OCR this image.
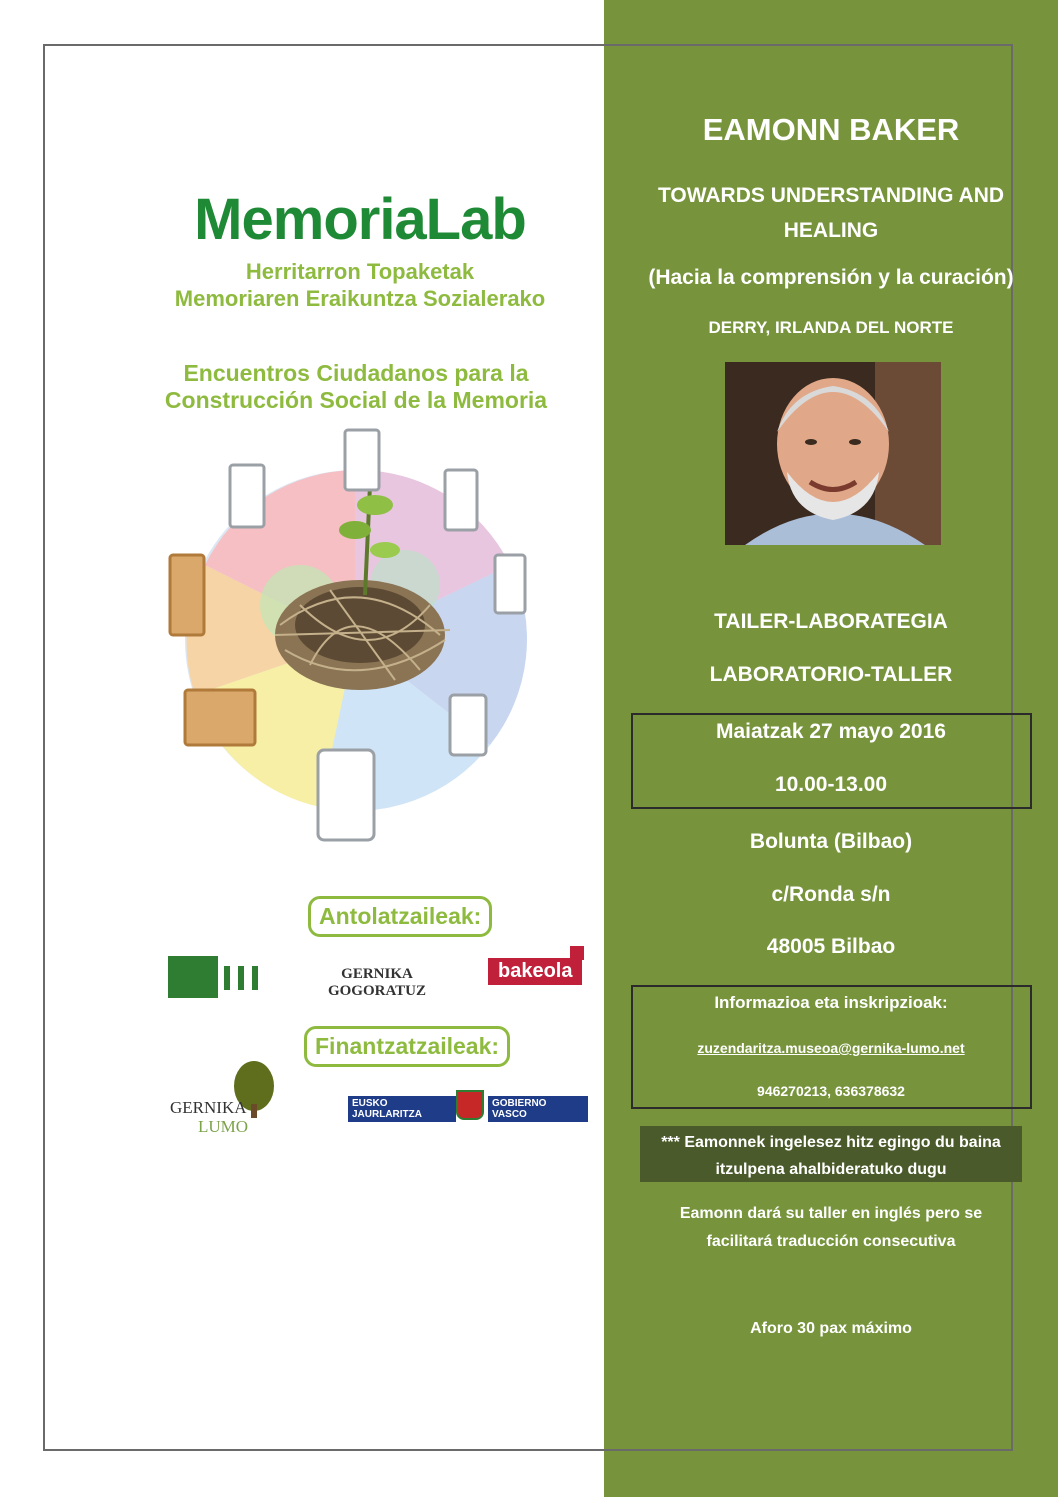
MemoriaLab
Herritarron Topaketak
Memoriaren Eraikuntza Sozialerako
Encuentros Ciudadanos para la
Construcción Social de la Memoria
Antolatzaileak:
GERNIKA GOGORATUZ
bakeola
Finantzatzaileak:
GERNIKA
LUMO
EUSKO JAURLARITZA
GOBIERNO VASCO
EAMONN BAKER
TOWARDS UNDERSTANDING AND
HEALING
(Hacia la comprensión y la curación)
DERRY, IRLANDA DEL NORTE
TAILER-LABORATEGIA
LABORATORIO-TALLER
Maiatzak 27 mayo 2016
10.00-13.00
Bolunta (Bilbao)
c/Ronda s/n
48005 Bilbao
Informazioa eta inskripzioak:
zuzendaritza.museoa@gernika-lumo.net
946270213, 636378632
*** Eamonnek ingelesez hitz egingo du baina
itzulpena ahalbideratuko dugu
Eamonn dará su taller en inglés pero se
facilitará traducción consecutiva
Aforo 30 pax máximo
